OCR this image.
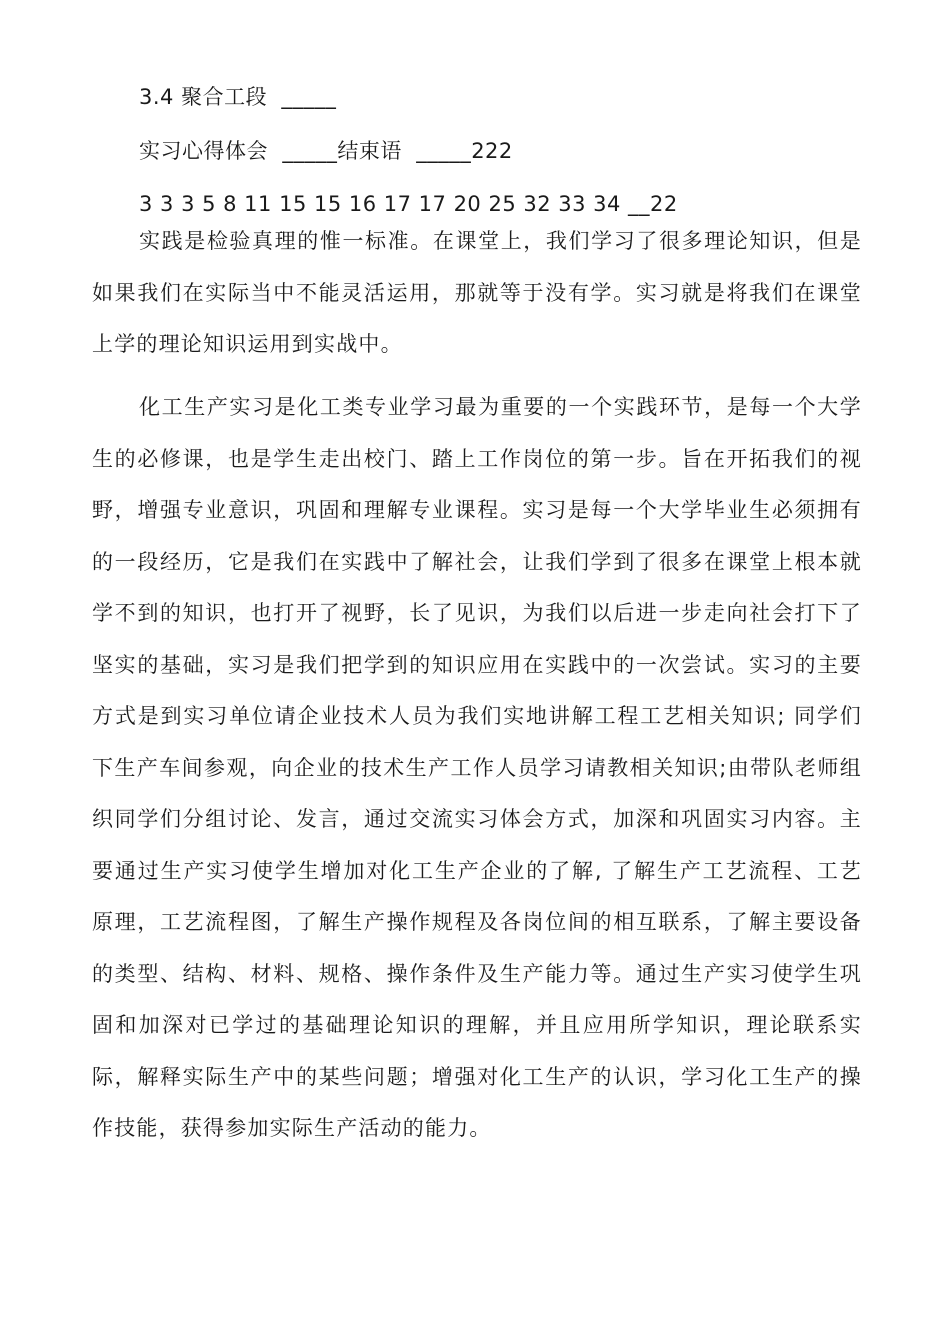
3.4 聚合工段  _____
实习心得体会  _____结束语  _____222
3 3 3 5 8 11 15 15 16 17 17 20 25 32 33 34 __22

实践是检验真理的惟一标准。在课堂上，我们学习了很多理论知识，但是如果我们在实际当中不能灵活运用，那就等于没有学。实习就是将我们在课堂上学的理论知识运用到实战中。

化工生产实习是化工类专业学习最为重要的一个实践环节，是每一个大学生的必修课，也是学生走出校门、踏上工作岗位的第一步。旨在开拓我们的视野，增强专业意识，巩固和理解专业课程。实习是每一个大学毕业生必须拥有的一段经历，它是我们在实践中了解社会，让我们学到了很多在课堂上根本就学不到的知识，也打开了视野，长了见识，为我们以后进一步走向社会打下了坚实的基础，实习是我们把学到的知识应用在实践中的一次尝试。实习的主要方式是到实习单位请企业技术人员为我们实地讲解工程工艺相关知识; 同学们下生产车间参观，向企业的技术生产工作人员学习请教相关知识;由带队老师组织同学们分组讨论、发言，通过交流实习体会方式，加深和巩固实习内容。主要通过生产实习使学生增加对化工生产企业的了解, 了解生产工艺流程、工艺原理，工艺流程图，了解生产操作规程及各岗位间的相互联系，了解主要设备的类型、结构、材料、规格、操作条件及生产能力等。通过生产实习使学生巩固和加深对已学过的基础理论知识的理解，并且应用所学知识，理论联系实际，解释实际生产中的某些问题；增强对化工生产的认识，学习化工生产的操作技能，获得参加实际生产活动的能力。
